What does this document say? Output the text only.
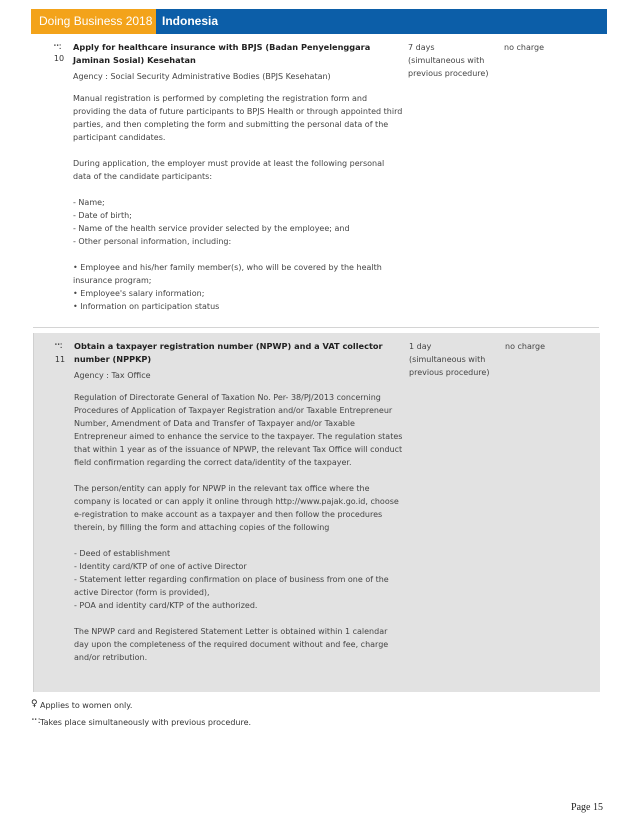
Doing Business 2018 Indonesia
⠒:
10
Apply for healthcare insurance with BPJS (Badan Penyelenggara Jaminan Sosial) Kesehatan
Agency : Social Security Administrative Bodies (BPJS Kesehatan)
Manual registration is performed by completing the registration form and providing the data of future participants to BPJS Health or through appointed third parties, and then completing the form and submitting the personal data of the participant candidates.

During application, the employer must provide at least the following personal data of the candidate participants:

- Name;
- Date of birth;
- Name of the health service provider selected by the employee; and
- Other personal information, including:

• Employee and his/her family member(s), who will be covered by the health insurance program;
• Employee's salary information;
• Information on participation status
7 days
(simultaneous with previous procedure)
no charge
⠒:
11
Obtain a taxpayer registration number (NPWP) and a VAT collector number (NPPKP)
Agency : Tax Office
Regulation of Directorate General of Taxation No. Per- 38/PJ/2013 concerning Procedures of Application of Taxpayer Registration and/or Taxable Entrepreneur Number, Amendment of Data and Transfer of Taxpayer and/or Taxable Entrepreneur aimed to enhance the service to the taxpayer. The regulation states that within 1 year as of the issuance of NPWP, the relevant Tax Office will conduct field confirmation regarding the correct data/identity of the taxpayer.

The person/entity can apply for NPWP in the relevant tax office where the company is located or can apply it online through http://www.pajak.go.id, choose e-registration to make account as a taxpayer and then follow the procedures therein, by filling the form and attaching copies of the following

- Deed of establishment
- Identity card/KTP of one of active Director
- Statement letter regarding confirmation on place of business from one of the active Director (form is provided),
- POA and identity card/KTP of the authorized.

The NPWP card and Registered Statement Letter is obtained within 1 calendar day upon the completeness of the required document without and fee, charge and/or retribution.
1 day
(simultaneous with previous procedure)
no charge
♀ Applies to women only.
⠒: Takes place simultaneously with previous procedure.
Page 15
